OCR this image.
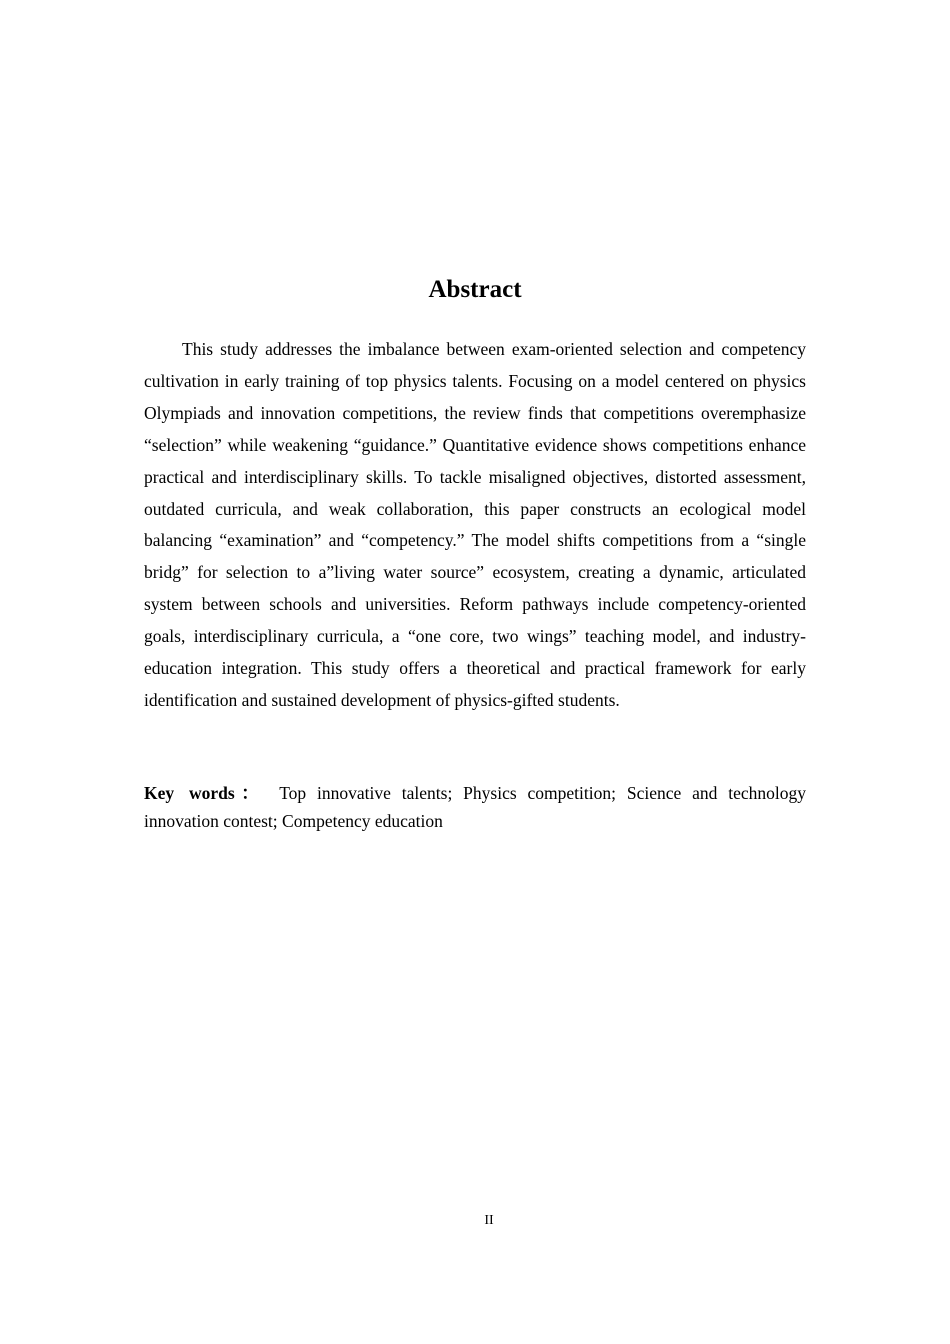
Abstract

This study addresses the imbalance between exam-oriented selection and competency cultivation in early training of top physics talents. Focusing on a model centered on physics Olympiads and innovation competitions, the review finds that competitions overemphasize “selection” while weakening “guidance.” Quantitative evidence shows competitions enhance practical and interdisciplinary skills. To tackle misaligned objectives, distorted assessment, outdated curricula, and weak collaboration, this paper constructs an ecological model balancing “examination” and “competency.” The model shifts competitions from a “single bridg” for selection to a”living water source” ecosystem, creating a dynamic, articulated system between schools and universities. Reform pathways include competency-oriented goals, interdisciplinary curricula, a “one core, two wings” teaching model, and industry-education integration. This study offers a theoretical and practical framework for early identification and sustained development of physics-gifted students.

Key words： Top innovative talents; Physics competition; Science and technology innovation contest; Competency education

II
